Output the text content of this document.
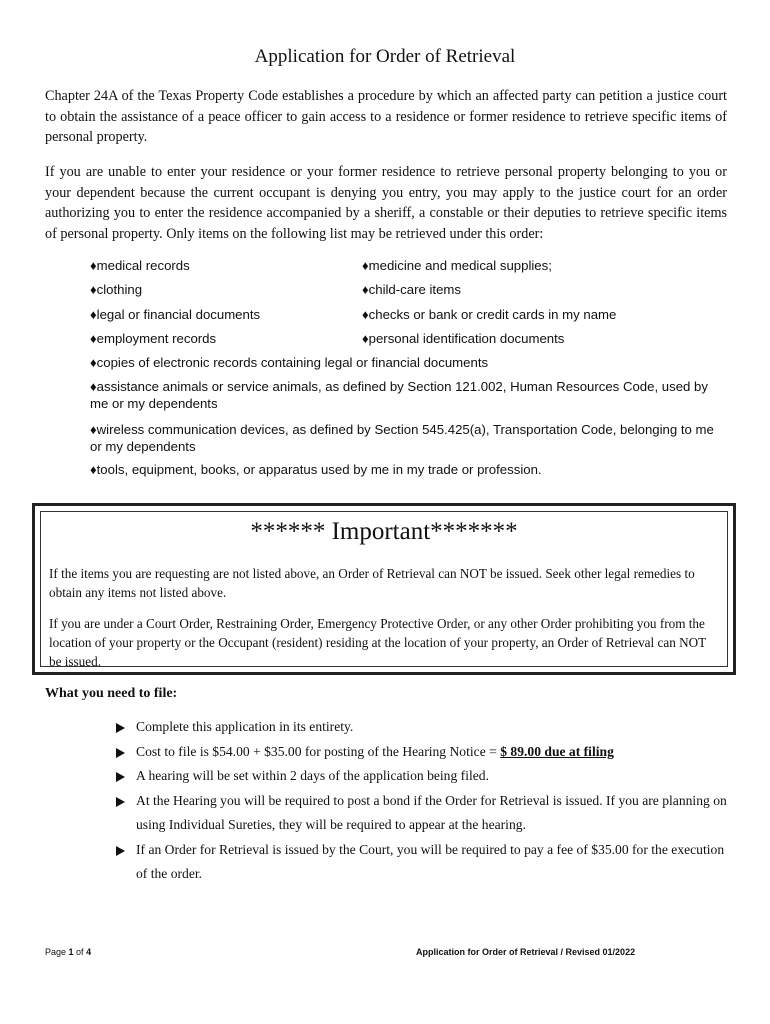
Application for Order of Retrieval

Chapter 24A of the Texas Property Code establishes a procedure by which an affected party can petition a justice court to obtain the assistance of a peace officer to gain access to a residence or former residence to retrieve specific items of personal property.

If you are unable to enter your residence or your former residence to retrieve personal property belonging to you or your dependent because the current occupant is denying you entry, you may apply to the justice court for an order authorizing you to enter the residence accompanied by a sheriff, a constable or their deputies to retrieve specific items of personal property. Only items on the following list may be retrieved under this order:

♦medical records	♦medicine and medical supplies;
♦clothing	♦child-care items
♦legal or financial documents	♦checks or bank or credit cards in my name
♦employment records	♦personal identification documents
♦copies of electronic records containing legal or financial documents
♦assistance animals or service animals, as defined by Section 121.002, Human Resources Code, used by me or my dependents
♦wireless communication devices, as defined by Section 545.425(a), Transportation Code, belonging to me or my dependents
♦tools, equipment, books, or apparatus used by me in my trade or profession.
****** Important*******

If the items you are requesting are not listed above, an Order of Retrieval can NOT be issued. Seek other legal remedies to obtain any items not listed above.

If you are under a Court Order, Restraining Order, Emergency Protective Order, or any other Order prohibiting you from the location of your property or the Occupant (resident) residing at the location of your property, an Order of Retrieval can NOT be issued.

What you need to file:
Complete this application in its entirety.
Cost to file is $54.00 + $35.00 for posting of the Hearing Notice = $ 89.00 due at filing
A hearing will be set within 2 days of the application being filed.
At the Hearing you will be required to post a bond if the Order for Retrieval is issued. If you are planning on using Individual Sureties, they will be required to appear at the hearing.
If an Order for Retrieval is issued by the Court, you will be required to pay a fee of $35.00 for the execution of the order.
Page 1 of 4	Application for Order of Retrieval / Revised 01/2022
